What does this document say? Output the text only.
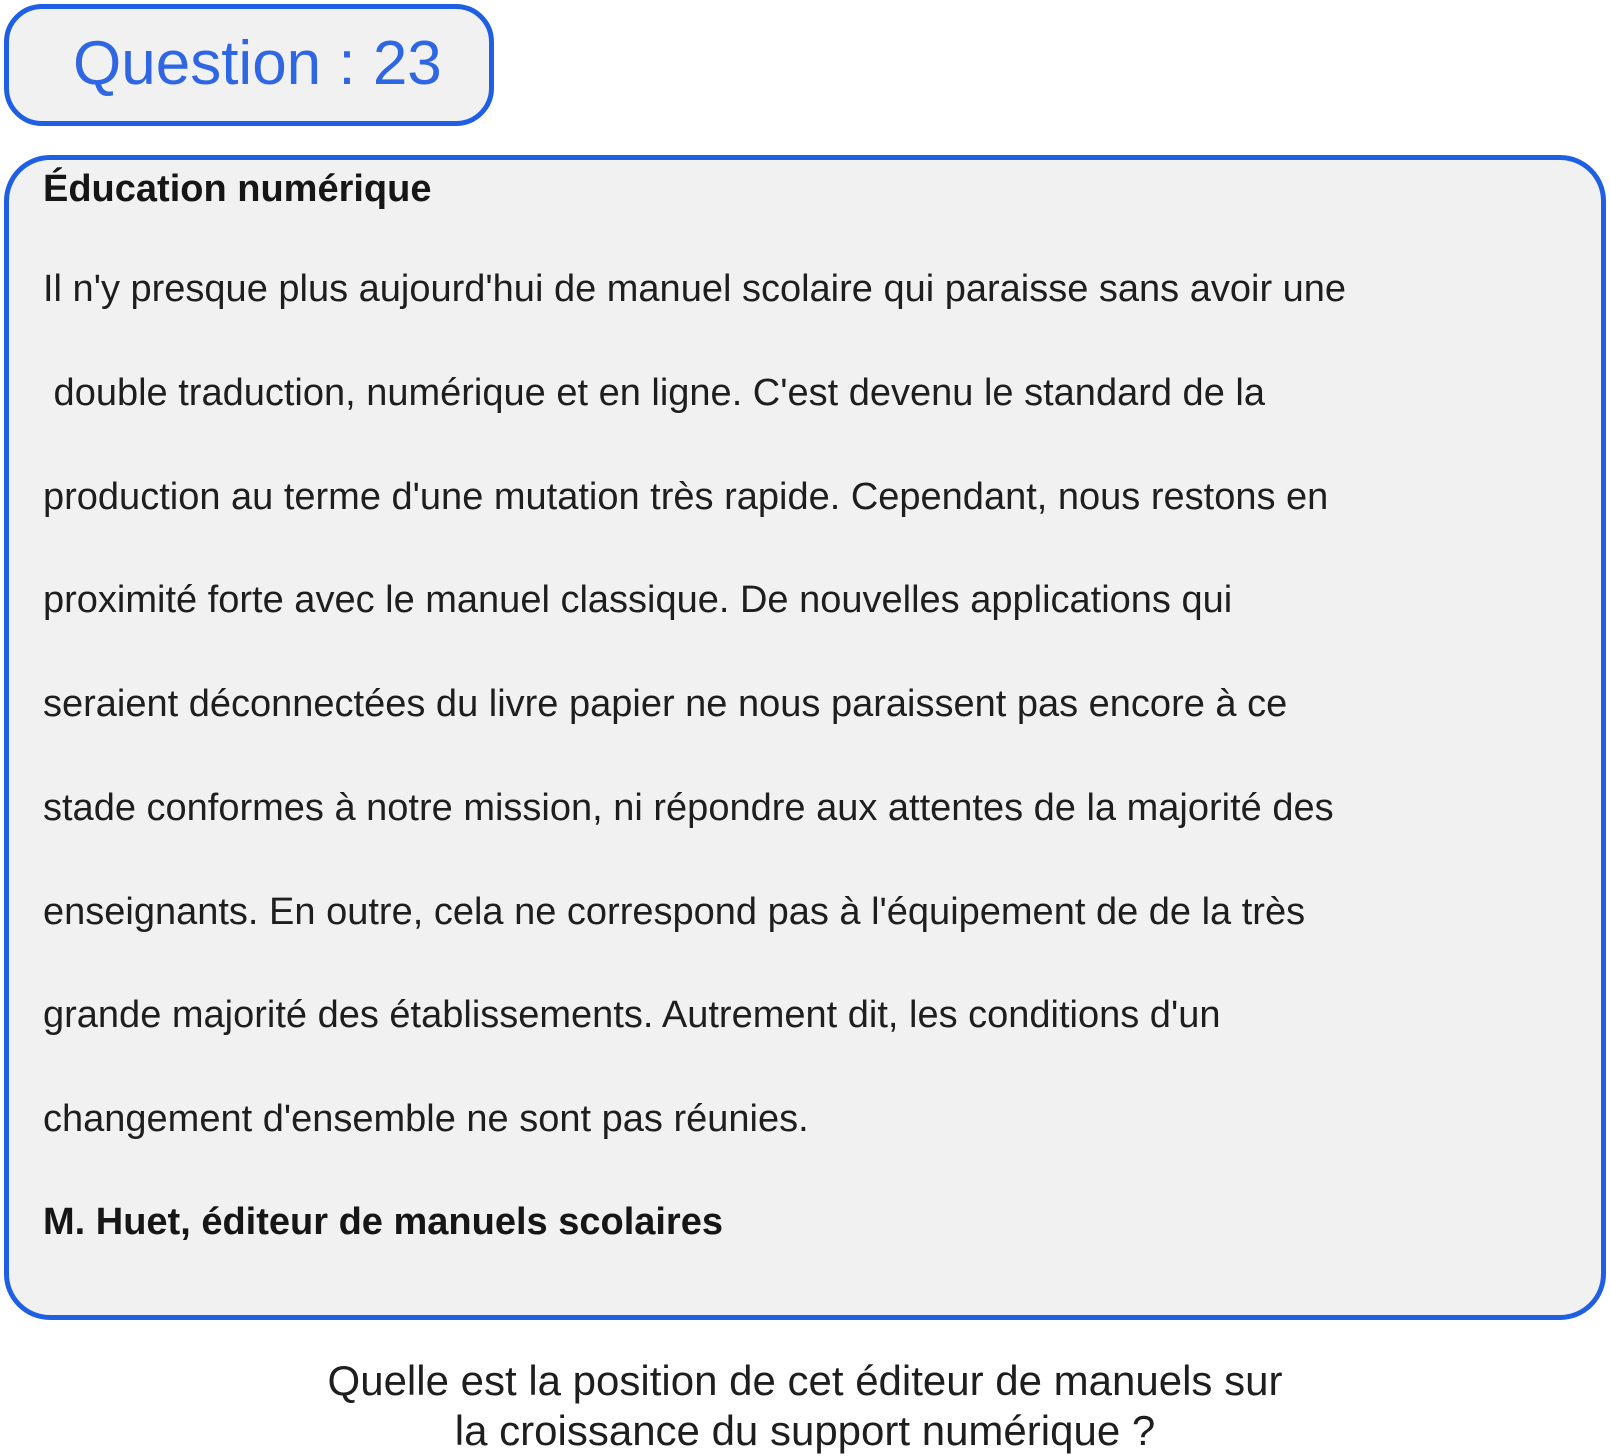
Question : 23
Éducation numérique
Il n'y presque plus aujourd'hui de manuel scolaire qui paraisse sans avoir une
double traduction, numérique et en ligne. C'est devenu le standard de la
production au terme d'une mutation très rapide. Cependant, nous restons en
proximité forte avec le manuel classique. De nouvelles applications qui
seraient déconnectées du livre papier ne nous paraissent pas encore à ce
stade conformes à notre mission, ni répondre aux attentes de la majorité des
enseignants. En outre, cela ne correspond pas à l'équipement de de la très
grande majorité des établissements. Autrement dit, les conditions d'un
changement d'ensemble ne sont pas réunies.
M. Huet, éditeur de manuels scolaires
Quelle est la position de cet éditeur de manuels sur
la croissance du support numérique ?
